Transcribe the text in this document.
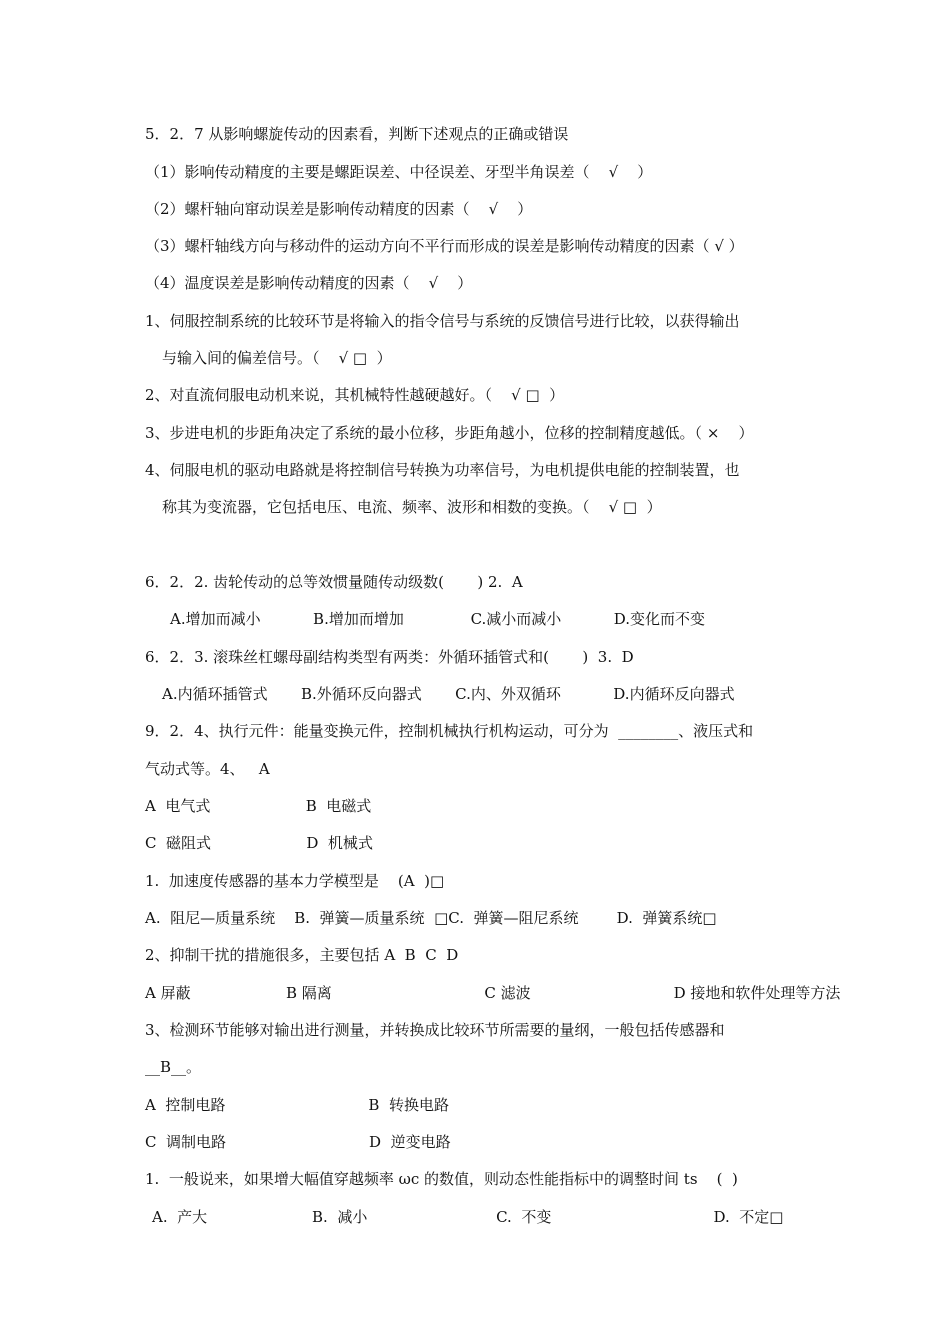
5．2．7 从影响螺旋传动的因素看，判断下述观点的正确或错误
（1）影响传动精度的主要是螺距误差、中径误差、牙型半角误差（    √    ）
（2）螺杆轴向窜动误差是影响传动精度的因素（    √    ）
（3）螺杆轴线方向与移动件的运动方向不平行而形成的误差是影响传动精度的因素（ √ ）
（4）温度误差是影响传动精度的因素（    √    ）
1、伺服控制系统的比较环节是将输入的指令信号与系统的反馈信号进行比较，以获得输出
与输入间的偏差信号。（    √ □  ）
2、对直流伺服电动机来说，其机械特性越硬越好。（    √ □  ）
3、步进电机的步距角决定了系统的最小位移，步距角越小，位移的控制精度越低。（ ×    ）
4、伺服电机的驱动电路就是将控制信号转换为功率信号，为电机提供电能的控制装置，也
称其为变流器，它包括电压、电流、频率、波形和相数的变换。（    √ □  ）
6．2．2. 齿轮传动的总等效惯量随传动级数(       ) 2.  A
A.增加而减小           B.增加而增加              C.减小而减小           D.变化而不变
6．2．3. 滚珠丝杠螺母副结构类型有两类：外循环插管式和(       )  3.  D
A.内循环插管式       B.外循环反向器式       C.内、外双循环           D.内循环反向器式
9．2．4、执行元件：能量变换元件，控制机械执行机构运动，可分为  ________、液压式和
气动式等。4、   A
A  电气式                    B  电磁式
C  磁阻式                    D  机械式
1.  加速度传感器的基本力学模型是    (A  )□
A.  阻尼—质量系统    B.  弹簧—质量系统  □C.  弹簧—阻尼系统        D.  弹簧系统□
2、抑制干扰的措施很多，主要包括 A  B  C  D
A 屏蔽                    B 隔离                                C 滤波                              D 接地和软件处理等方法
3、检测环节能够对输出进行测量，并转换成比较环节所需要的量纲，一般包括传感器和
__B__。
A  控制电路                              B  转换电路
C  调制电路                              D  逆变电路
1.  一般说来，如果增大幅值穿越频率 ωc 的数值，则动态性能指标中的调整时间 ts    (  )
A.  产大                      B.  减小                           C.  不变                                  D.  不定□
